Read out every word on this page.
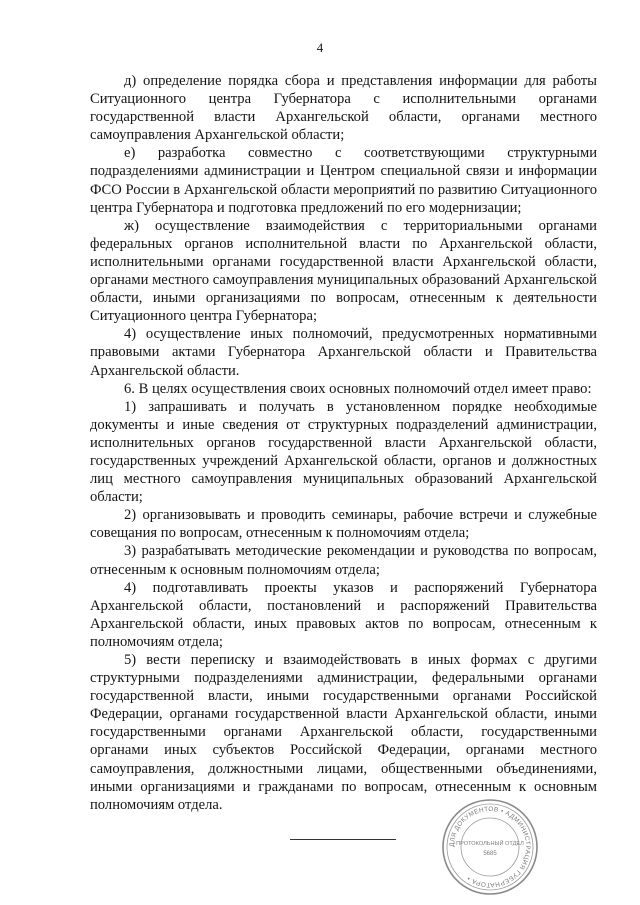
4

д) определение порядка сбора и представления информации для работы Ситуационного центра Губернатора с исполнительными органами государственной власти Архангельской области, органами местного самоуправления Архангельской области;

е) разработка совместно с соответствующими структурными подразделениями администрации и Центром специальной связи и информации ФСО России в Архангельской области мероприятий по развитию Ситуационного центра Губернатора и подготовка предложений по его модернизации;

ж) осуществление взаимодействия с территориальными органами федеральных органов исполнительной власти по Архангельской области, исполнительными органами государственной власти Архангельской области, органами местного самоуправления муниципальных образований Архангельской области, иными организациями по вопросам, отнесенным к деятельности Ситуационного центра Губернатора;

4) осуществление иных полномочий, предусмотренных нормативными правовыми актами Губернатора Архангельской области и Правительства Архангельской области.

6. В целях осуществления своих основных полномочий отдел имеет право:

1) запрашивать и получать в установленном порядке необходимые документы и иные сведения от структурных подразделений администрации, исполнительных органов государственной власти Архангельской области, государственных учреждений Архангельской области, органов и должностных лиц местного самоуправления муниципальных образований Архангельской области;

2) организовывать и проводить семинары, рабочие встречи и служебные совещания по вопросам, отнесенным к полномочиям отдела;

3) разрабатывать методические рекомендации и руководства по вопросам, отнесенным к основным полномочиям отдела;

4) подготавливать проекты указов и распоряжений Губернатора Архангельской области, постановлений и распоряжений Правительства Архангельской области, иных правовых актов по вопросам, отнесенным к полномочиям отдела;

5) вести переписку и взаимодействовать в иных формах с другими структурными подразделениями администрации, федеральными органами государственной власти, иными государственными органами Российской Федерации, органами государственной власти Архангельской области, иными государственными органами Архангельской области, государственными органами иных субъектов Российской Федерации, органами местного самоуправления, должностными лицами, общественными объединениями, иными организациями и гражданами по вопросам, отнесенным к основным полномочиям отдела.

ДЛЯ ДОКУМЕНТОВ • АДМИНИСТРАЦИЯ ГУБЕРНАТОРА •
ПРОТОКОЛЬНЫЙ ОТДЕЛ
5685
